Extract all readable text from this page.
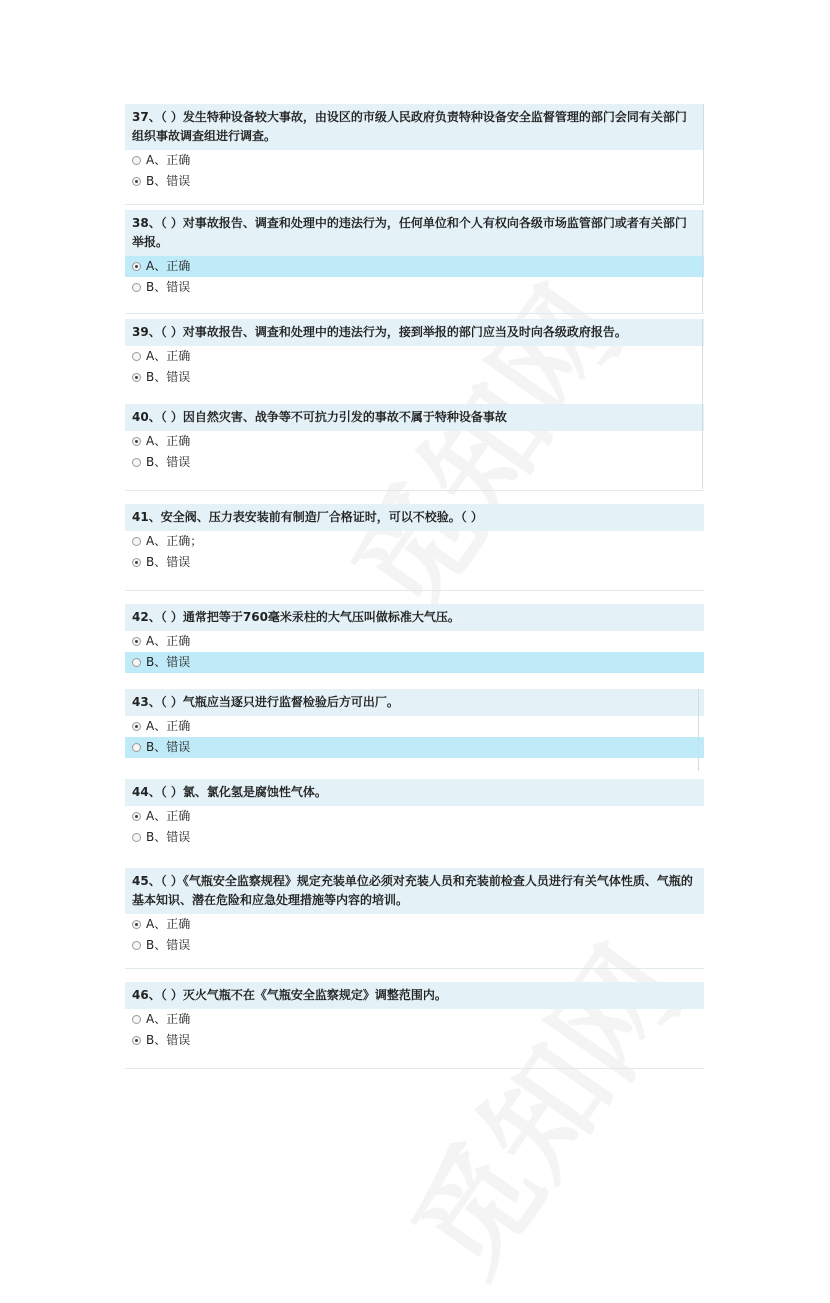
37、（ ）发生特种设备较大事故，由设区的市级人民政府负责特种设备安全监督管理的部门会同有关部门组织事故调查组进行调查。
A、正确
B、错误
38、（ ）对事故报告、调查和处理中的违法行为，任何单位和个人有权向各级市场监管部门或者有关部门举报。
A、正确
B、错误
39、（ ）对事故报告、调查和处理中的违法行为，接到举报的部门应当及时向各级政府报告。
A、正确
B、错误
40、（ ）因自然灾害、战争等不可抗力引发的事故不属于特种设备事故
A、正确
B、错误
41、安全阀、压力表安装前有制造厂合格证时，可以不校验。（ ）
A、正确；
B、错误
42、（ ）通常把等于760毫米汞柱的大气压叫做标准大气压。
A、正确
B、错误
43、（ ）气瓶应当逐只进行监督检验后方可出厂。
A、正确
B、错误
44、（ ）氯、氯化氢是腐蚀性气体。
A、正确
B、错误
45、（ ）《气瓶安全监察规程》规定充装单位必须对充装人员和充装前检查人员进行有关气体性质、气瓶的基本知识、潜在危险和应急处理措施等内容的培训。
A、正确
B、错误
46、（ ）灭火气瓶不在《气瓶安全监察规定》调整范围内。
A、正确
B、错误
